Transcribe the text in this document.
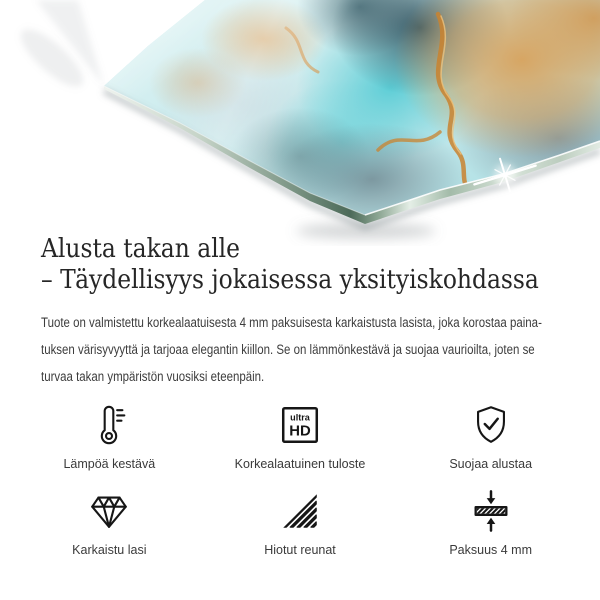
Alusta takan alle
– Täydellisyys jokaisessa yksityiskohdassa
Tuote on valmistettu korkealaatuisesta 4 mm paksuisesta karkaistusta lasista, joka korostaa paina-
tuksen värisyvyyttä ja tarjoaa elegantin kiillon. Se on lämmönkestävä ja suojaa vaurioilta, joten se
turvaa takan ympäristön vuosiksi eteenpäin.
Lämpöä kestävä
ultra
HD
Korkealaatuinen tuloste	Suojaa alustaa
Karkaistu lasi	Hiotut reunat	Paksuus 4 mm
